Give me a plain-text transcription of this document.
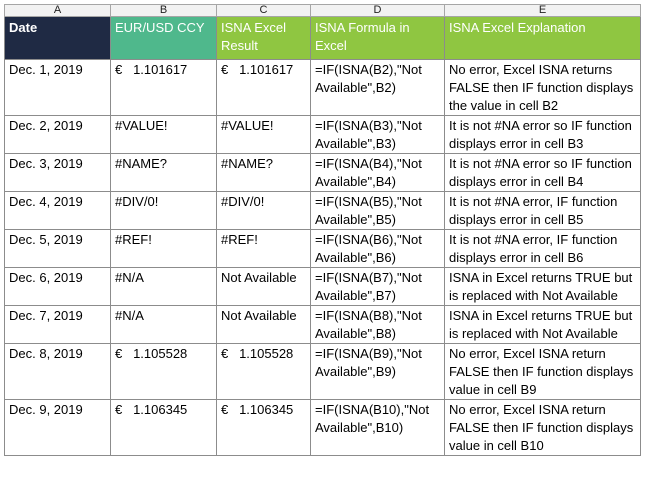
A	B	C	D	E
Date	EUR/USD CCY	ISNA Excel Result	ISNA Formula in Excel	ISNA Excel Explanation
Dec. 1, 2019	€   1.101617	€   1.101617	=IF(ISNA(B2),"Not Available",B2)	No error, Excel ISNA returns FALSE then IF function displays the value in cell B2
Dec. 2, 2019	#VALUE!	#VALUE!	=IF(ISNA(B3),"Not Available",B3)	It is not #NA error so IF function displays error in cell B3
Dec. 3, 2019	#NAME?	#NAME?	=IF(ISNA(B4),"Not Available",B4)	It is not #NA error so IF function displays error in cell B4
Dec. 4, 2019	#DIV/0!	#DIV/0!	=IF(ISNA(B5),"Not Available",B5)	It is not #NA error, IF function displays error in cell B5
Dec. 5, 2019	#REF!	#REF!	=IF(ISNA(B6),"Not Available",B6)	It is not #NA error, IF function displays error in cell B6
Dec. 6, 2019	#N/A	Not Available	=IF(ISNA(B7),"Not Available",B7)	ISNA in Excel returns TRUE but is replaced with Not Available
Dec. 7, 2019	#N/A	Not Available	=IF(ISNA(B8),"Not Available",B8)	ISNA in Excel returns TRUE but is replaced with Not Available
Dec. 8, 2019	€   1.105528	€   1.105528	=IF(ISNA(B9),"Not Available",B9)	No error, Excel ISNA return FALSE then IF function displays value in cell B9
Dec. 9, 2019	€   1.106345	€   1.106345	=IF(ISNA(B10),"Not Available",B10)	No error, Excel ISNA return FALSE then IF function displays value in cell B10
